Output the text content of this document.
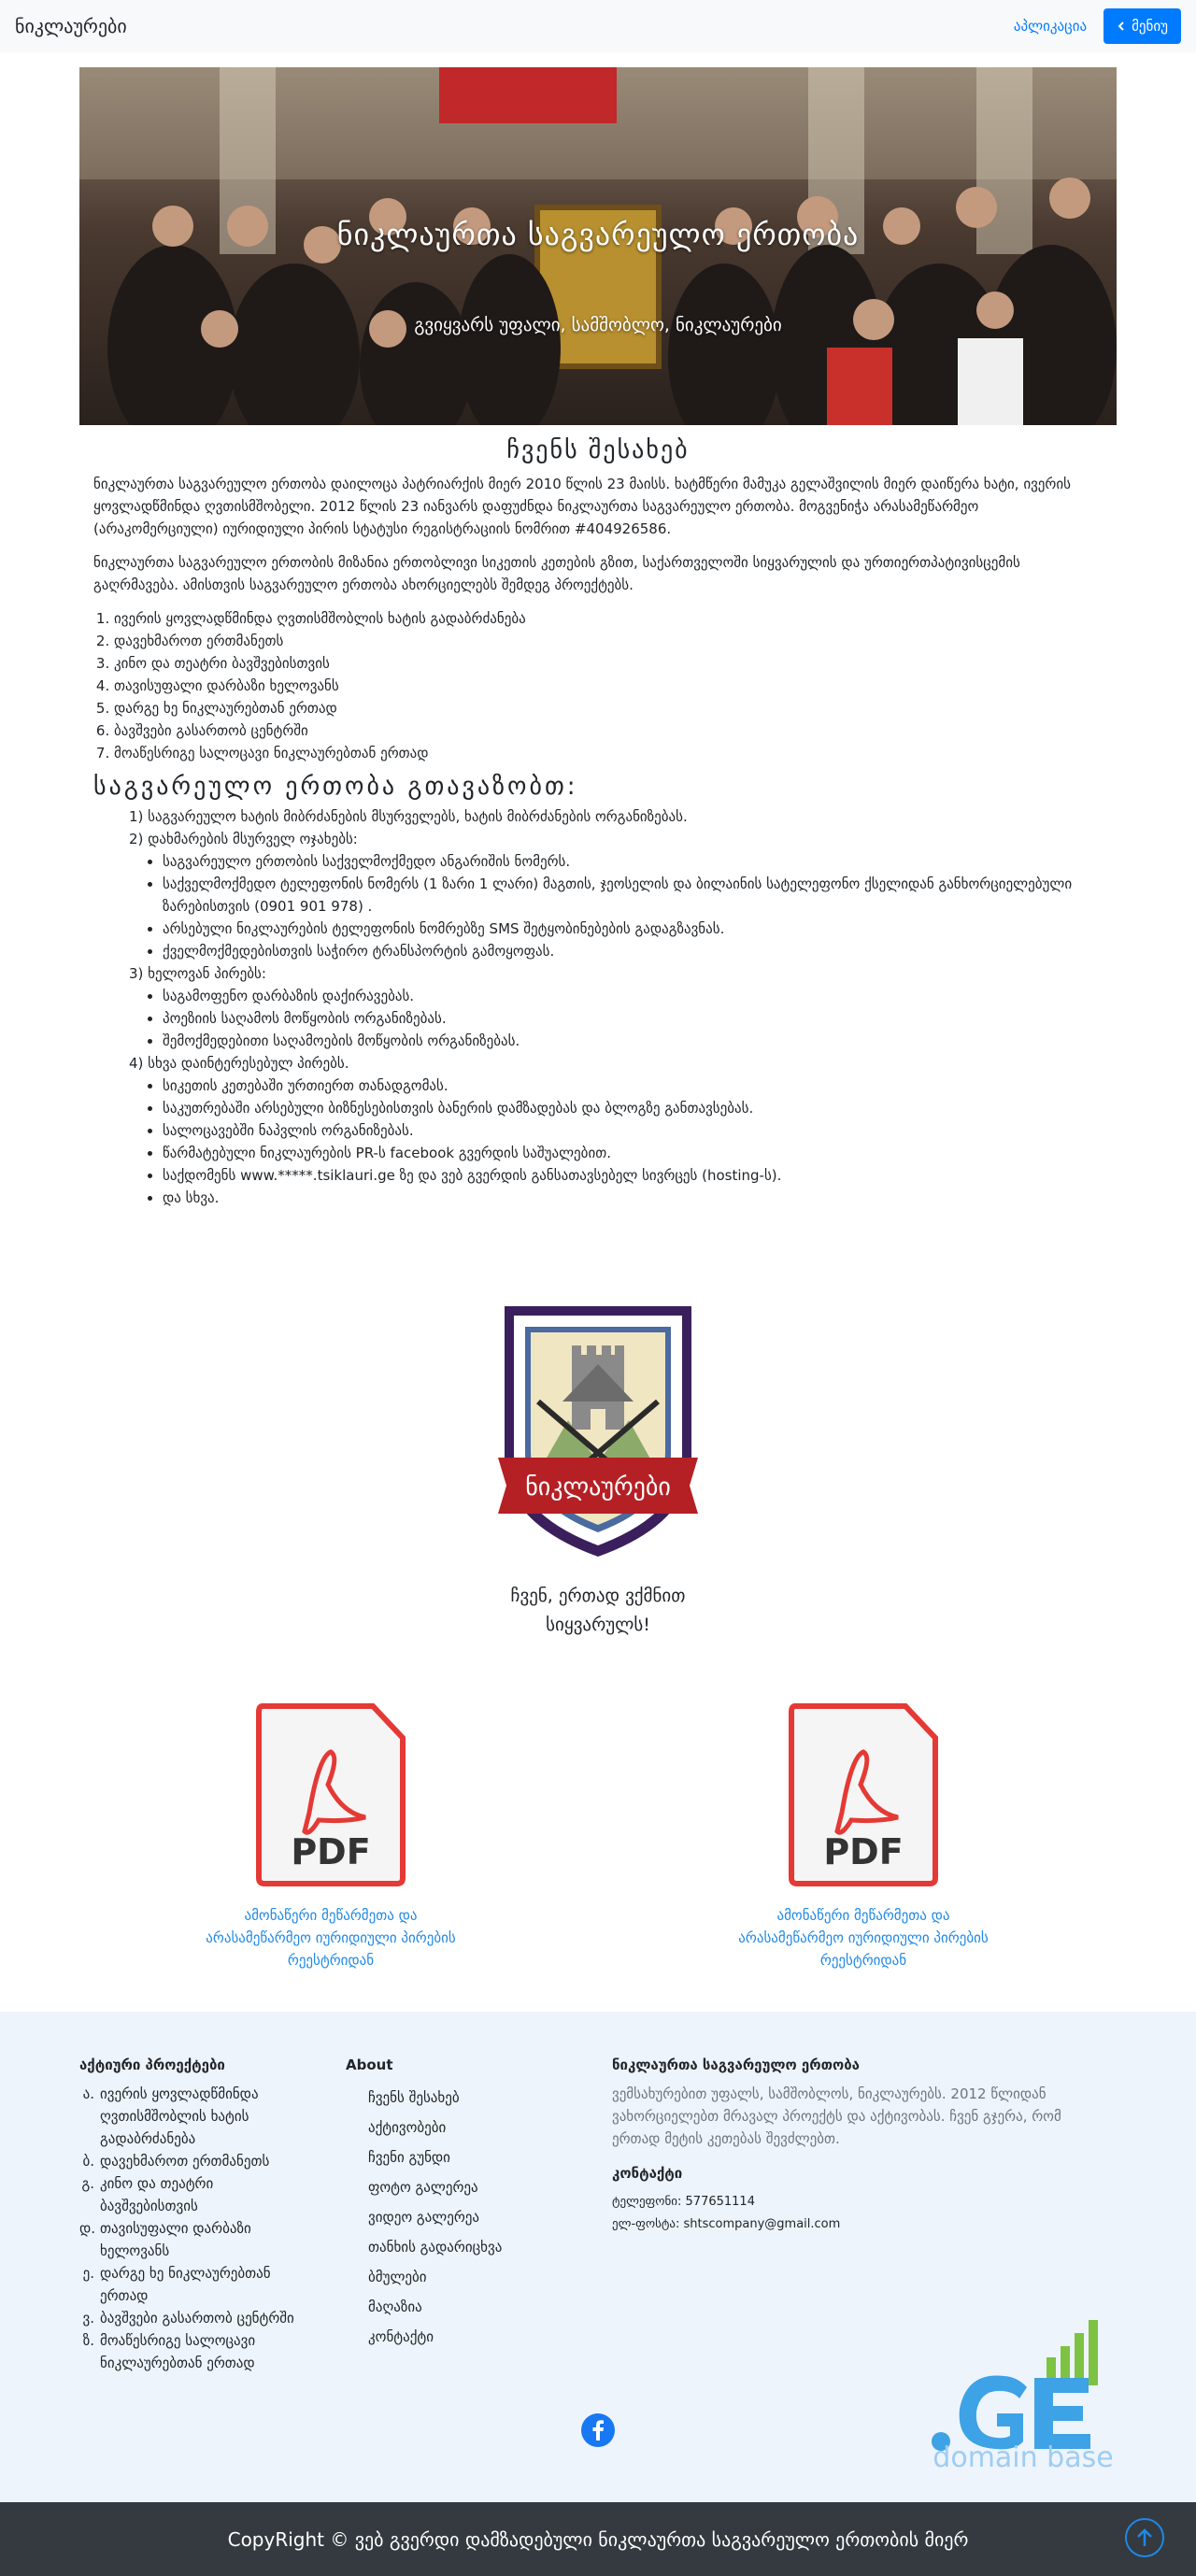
ნიკლაურები	აპლიკაცია	მენიუ
ნიკლაურთა საგვარეულო ერთობა
გვიყვარს უფალი, სამშობლო, ნიკლაურები
ჩვენს შესახებ

ნიკლაურთა საგვარეულო ერთობა დაილოცა პატრიარქის მიერ 2010 წლის 23 მაისს. ხატმწერი მამუკა გელაშვილის მიერ დაიწერა ხატი, ივერის ყოვლადწმინდა ღვთისმშობელი. 2012 წლის 23 იანვარს დაფუძნდა ნიკლაურთა საგვარეულო ერთობა. მოგვენიჭა არასამეწარმეო (არაკომერციული) იურიდიული პირის სტატუსი რეგისტრაციის ნომრით #404926586.

ნიკლაურთა საგვარეულო ერთობის მიზანია ერთობლივი სიკეთის კეთების გზით, საქართველოში სიყვარულის და ურთიერთპატივისცემის გაღრმავება. ამისთვის საგვარეულო ერთობა ახორციელებს შემდეგ პროექტებს.

1. ივერის ყოვლადწმინდა ღვთისმშობლის ხატის გადაბრძანება
2. დავეხმაროთ ერთმანეთს
3. კინო და თეატრი ბავშვებისთვის
4. თავისუფალი დარბაზი ხელოვანს
5. დარგე ხე ნიკლაურებთან ერთად
6. ბავშვები გასართობ ცენტრში
7. მოაწესრიგე სალოცავი ნიკლაურებთან ერთად
საგვარეულო ერთობა გთავაზობთ:
1) საგვარეულო ხატის მიბრძანების მსურველებს, ხატის მიბრძანების ორგანიზებას.
2) დახმარების მსურველ ოჯახებს:
• საგვარეულო ერთობის საქველმოქმედო ანგარიშის ნომერს.
• საქველმოქმედო ტელეფონის ნომერს (1 ზარი 1 ლარი) მაგთის, ჯეოსელის და ბილაინის სატელეფონო ქსელიდან განხორციელებული ზარებისთვის (0901 901 978) .
• არსებული ნიკლაურების ტელეფონის ნომრებზე SMS შეტყობინებების გადაგზავნას.
• ქველმოქმედებისთვის საჭირო ტრანსპორტის გამოყოფას.
3) ხელოვან პირებს:
• საგამოფენო დარბაზის დაქირავებას.
• პოეზიის საღამოს მოწყობის ორგანიზებას.
• შემოქმედებითი საღამოების მოწყობის ორგანიზებას.
4) სხვა დაინტერესებულ პირებს.
• სიკეთის კეთებაში ურთიერთ თანადგომას.
• საკუთრებაში არსებული ბიზნესებისთვის ბანერის დამზადებას და ბლოგზე განთავსებას.
• სალოცავებში ნაპვლის ორგანიზებას.
• წარმატებული ნიკლაურების PR-ს facebook გვერდის საშუალებით.
• საქდომენს www.*****.tsiklauri.ge ზე და ვებ გვერდის განსათავსებელ სივრცეს (hosting-ს).
• და სხვა.
ნიკლაურები
ჩვენ, ერთად ვქმნით
სიყვარულს!
PDF
ამონაწერი მეწარმეთა და არასამეწარმეო იურიდიული პირების რეესტრიდან
PDF
ამონაწერი მეწარმეთა და არასამეწარმეო იურიდიული პირების რეესტრიდან
აქტიური პროექტები
ა. ივერის ყოვლადწმინდა ღვთისმშობლის ხატის გადაბრძანება
ბ. დავეხმაროთ ერთმანეთს
გ. კინო და თეატრი ბავშვებისთვის
დ. თავისუფალი დარბაზი ხელოვანს
ე. დარგე ხე ნიკლაურებთან ერთად
ვ. ბავშვები გასართობ ცენტრში
ზ. მოაწესრიგე სალოცავი ნიკლაურებთან ერთად
About
ჩვენს შესახებ
აქტივობები
ჩვენი გუნდი
ფოტო გალერეა
ვიდეო გალერეა
თანხის გადარიცხვა
ბმულები
მაღაზია
კონტაქტი
ნიკლაურთა საგვარეულო ერთობა

ვემსახურებით უფალს, სამშობლოს, ნიკლაურებს. 2012 წლიდან ვახორციელებთ მრავალ პროექტს და აქტივობას. ჩვენ გჯერა, რომ ერთად მეტის კეთებას შევძლებთ.

კონტაქტი
ტელეფონი: 577651114
ელ-ფოსტა: shtscompany@gmail.com
domain base
CopyRight © ვებ გვერდი დამზადებული ნიკლაურთა საგვარეულო ერთობის მიერ
